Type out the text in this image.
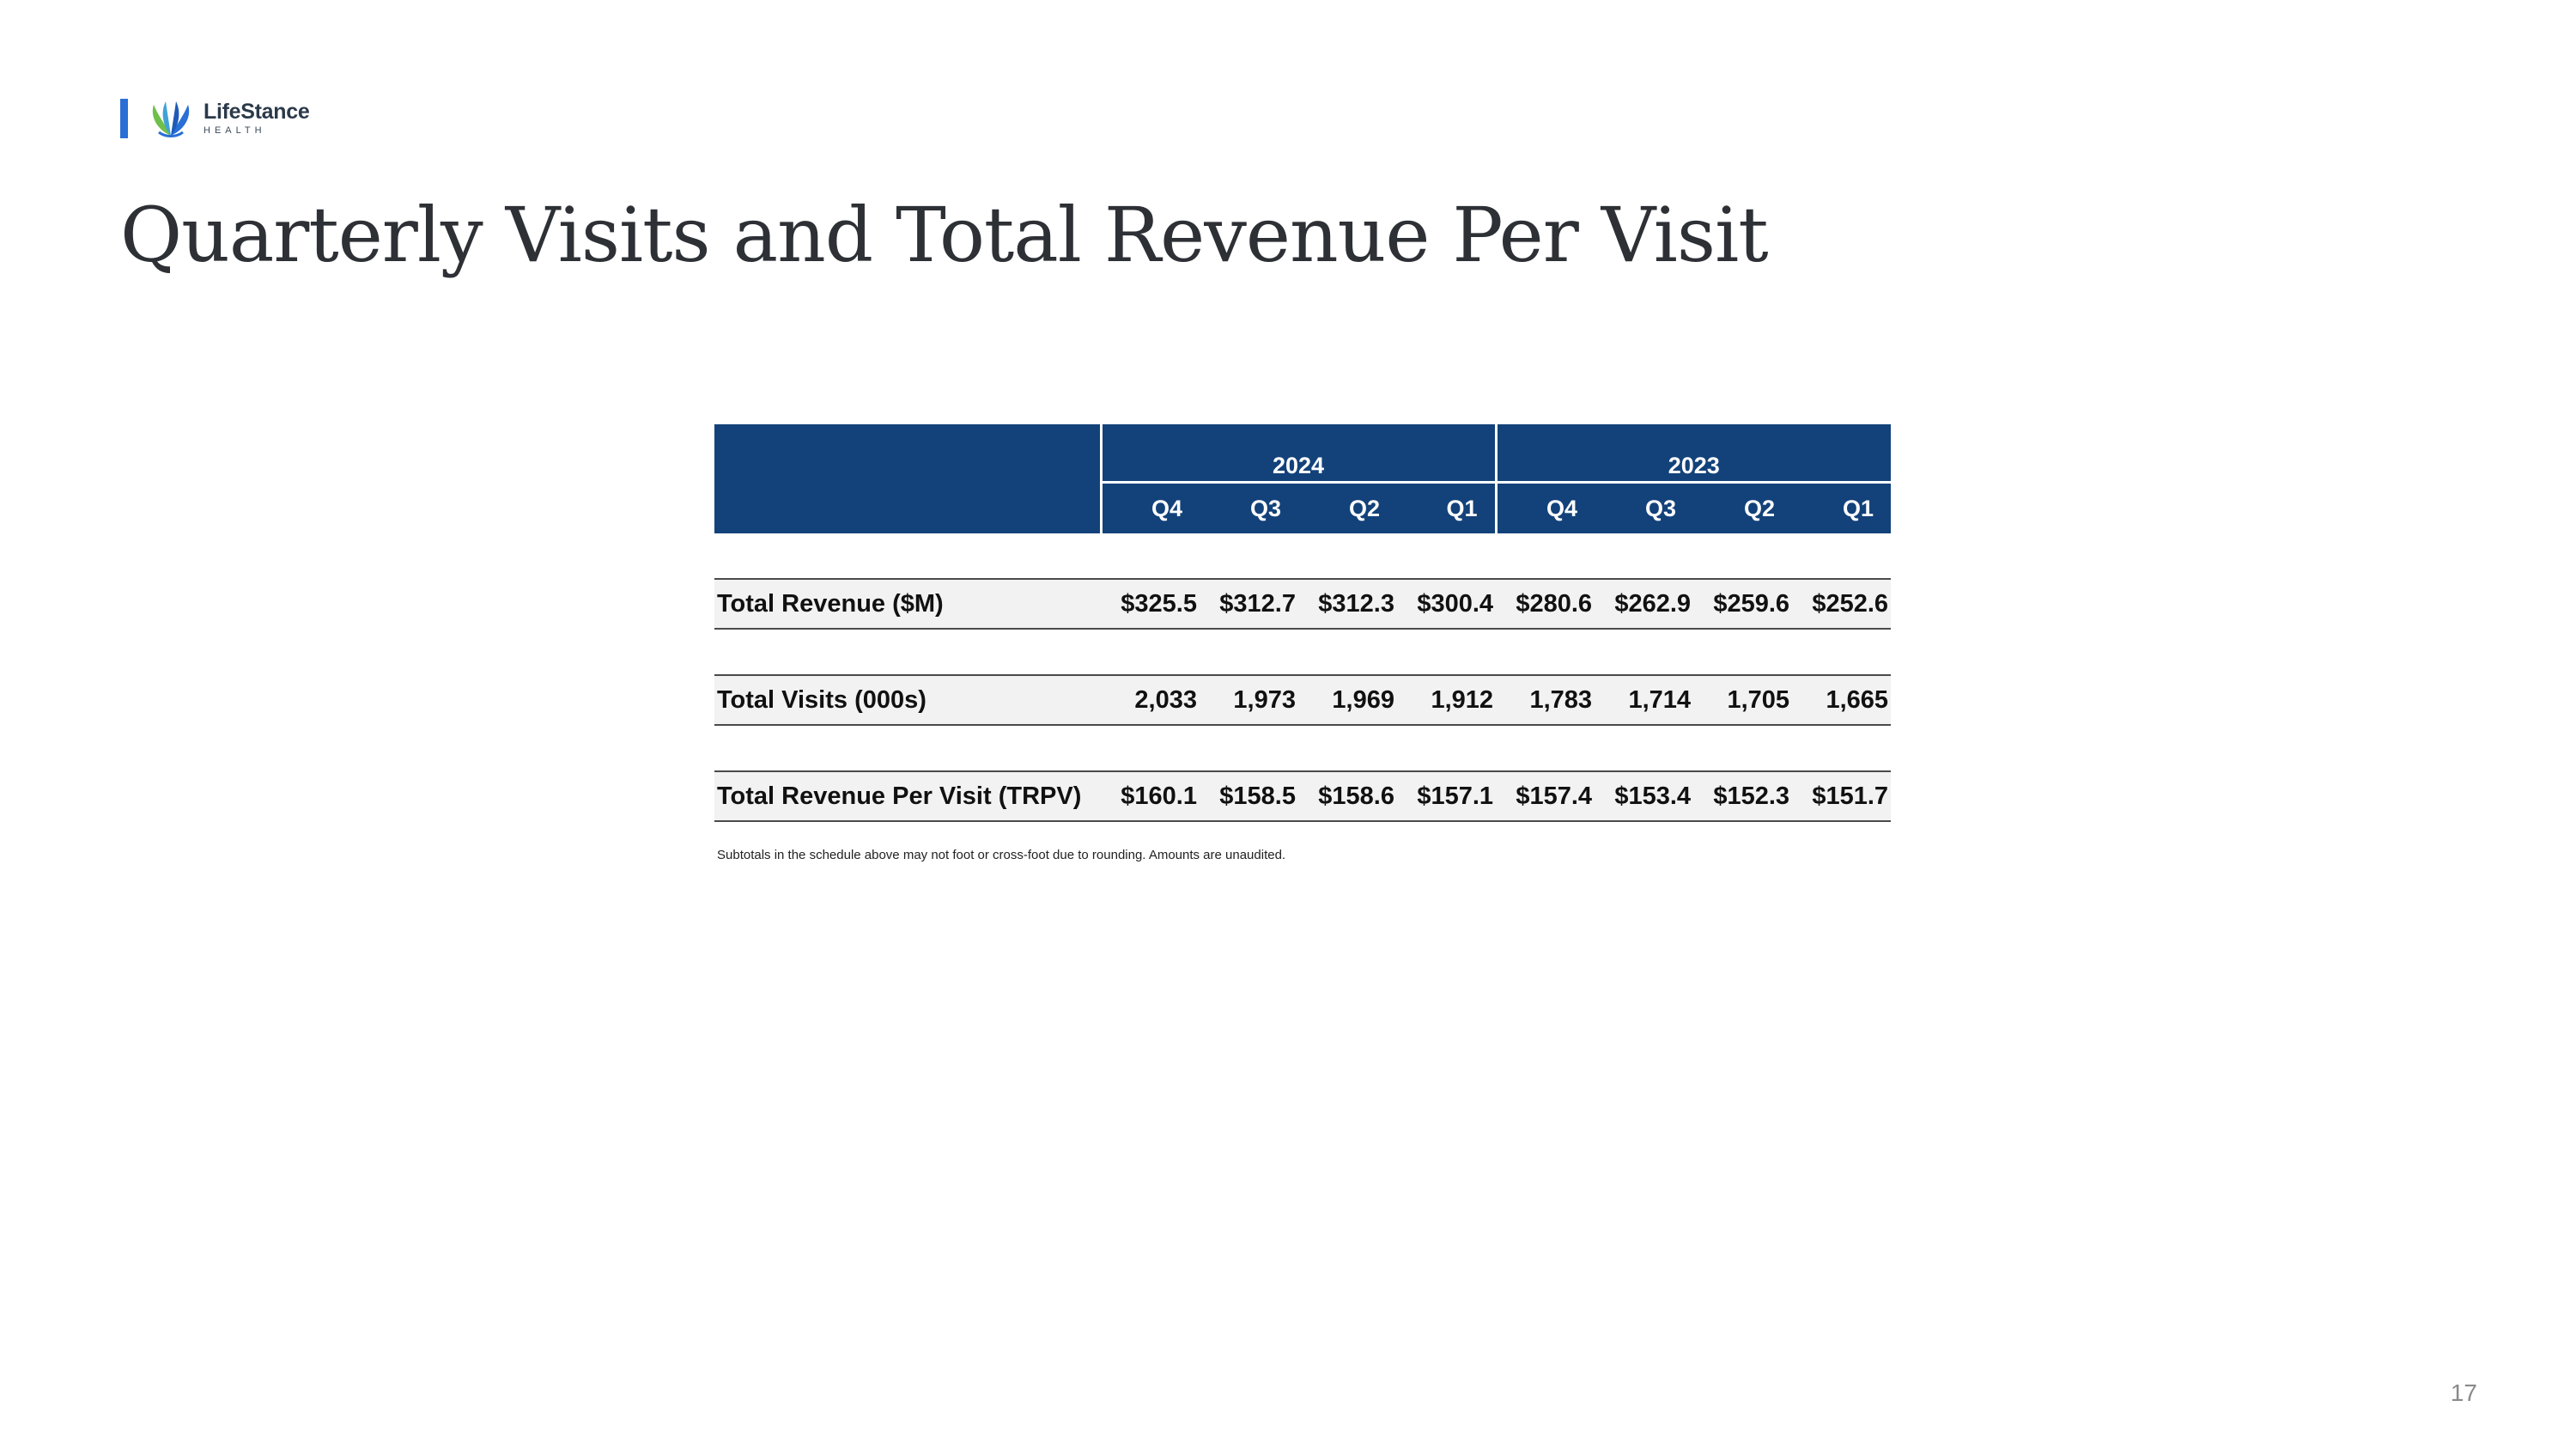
LifeStance
HEALTH
Quarterly Visits and Total Revenue Per Visit
	2024				2023			
	Q4	Q3	Q2	Q1	Q4	Q3	Q2	Q1

Total Revenue ($M)	$325.5	$312.7	$312.3	$300.4	$280.6	$262.9	$259.6	$252.6

Total Visits (000s)	2,033	1,973	1,969	1,912	1,783	1,714	1,705	1,665

Total Revenue Per Visit (TRPV)	$160.1	$158.5	$158.6	$157.1	$157.4	$153.4	$152.3	$151.7
Subtotals in the schedule above may not foot or cross-foot due to rounding. Amounts are unaudited.
17
